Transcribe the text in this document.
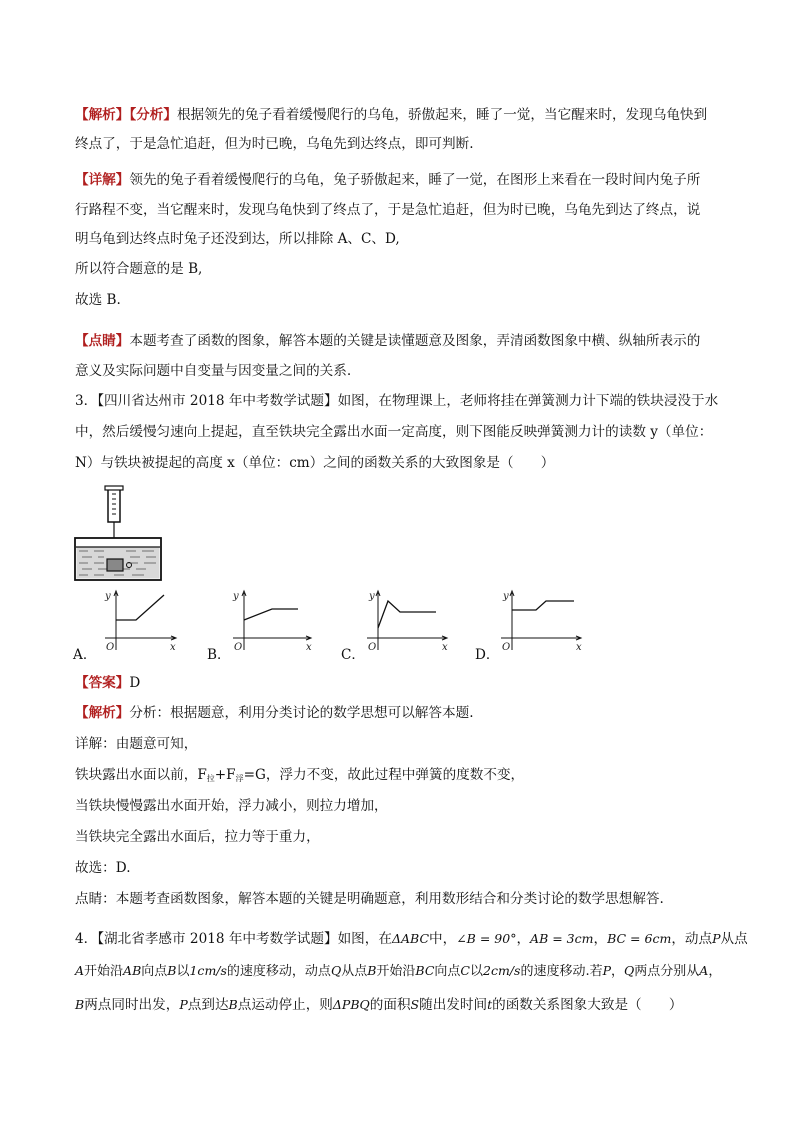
【解析】【分析】根据领先的兔子看着缓慢爬行的乌龟，骄傲起来，睡了一觉，当它醒来时，发现乌龟快到
终点了，于是急忙追赶，但为时已晚，乌龟先到达终点，即可判断.
【详解】领先的兔子看着缓慢爬行的乌龟，兔子骄傲起来，睡了一觉，在图形上来看在一段时间内兔子所
行路程不变，当它醒来时，发现乌龟快到了终点了，于是急忙追赶，但为时已晚，乌龟先到达了终点，说
明乌龟到达终点时兔子还没到达，所以排除 A、C、D,
所以符合题意的是 B,
故选 B.
【点睛】本题考查了函数的图象，解答本题的关键是读懂题意及图象，弄清函数图象中横、纵轴所表示的
意义及实际问题中自变量与因变量之间的关系.
3．【四川省达州市 2018 年中考数学试题】如图，在物理课上，老师将挂在弹簧测力计下端的铁块浸没于水
中，然后缓慢匀速向上提起，直至铁块完全露出水面一定高度，则下图能反映弹簧测力计的读数 y（单位：
N）与铁块被提起的高度 x（单位：cm）之间的函数关系的大致图象是（　　）
A．
y
x
O	B．
y
x
O	C．
y
x
O	D．
y
x
O
【答案】D
【解析】分析：根据题意，利用分类讨论的数学思想可以解答本题.
详解：由题意可知，
铁块露出水面以前，$F_拉+F_浮=G$，浮力不变，故此过程中弹簧的度数不变，
当铁块慢慢露出水面开始，浮力减小，则拉力增加，
当铁块完全露出水面后，拉力等于重力，
故选：D.
点睛：本题考查函数图象，解答本题的关键是明确题意，利用数形结合和分类讨论的数学思想解答.
4．【湖北省孝感市 2018 年中考数学试题】如图，在ΔABC中，∠B = 90°，AB = 3cm，BC = 6cm，动点P从点
A开始沿AB向点B以1cm/s的速度移动，动点Q从点B开始沿BC向点C以2cm/s的速度移动.若P，Q两点分别从A，
B两点同时出发，P点到达B点运动停止，则ΔPBQ的面积S随出发时间t的函数关系图象大致是（　　）
